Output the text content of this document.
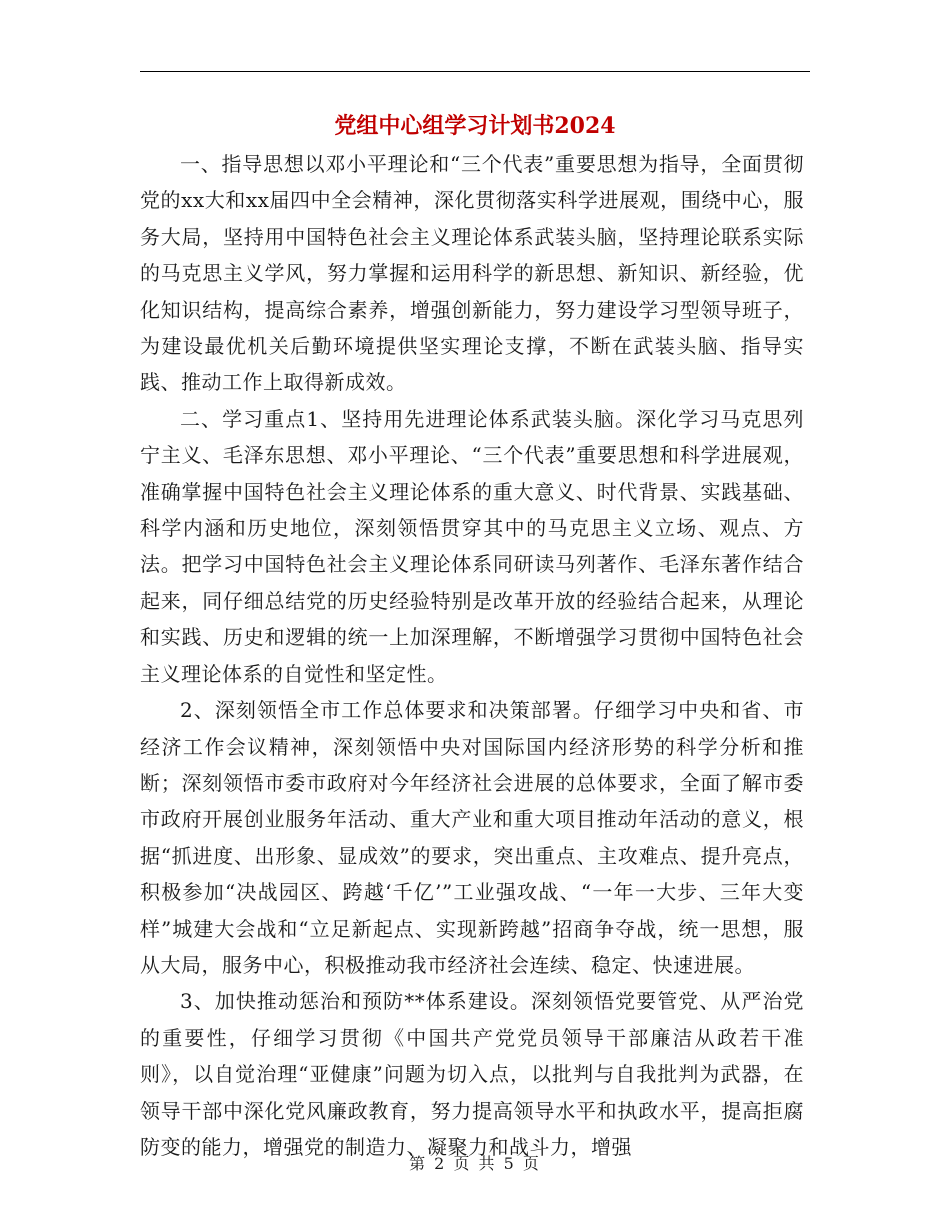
党组中心组学习计划书2024

一、指导思想以邓小平理论和“三个代表”重要思想为指导，全面贯彻党的xx大和xx届四中全会精神，深化贯彻落实科学进展观，围绕中心，服务大局，坚持用中国特色社会主义理论体系武装头脑，坚持理论联系实际的马克思主义学风，努力掌握和运用科学的新思想、新知识、新经验，优化知识结构，提高综合素养，增强创新能力，努力建设学习型领导班子，为建设最优机关后勤环境提供坚实理论支撑，不断在武装头脑、指导实践、推动工作上取得新成效。

二、学习重点1、坚持用先进理论体系武装头脑。深化学习马克思列宁主义、毛泽东思想、邓小平理论、“三个代表”重要思想和科学进展观，准确掌握中国特色社会主义理论体系的重大意义、时代背景、实践基础、科学内涵和历史地位，深刻领悟贯穿其中的马克思主义立场、观点、方法。把学习中国特色社会主义理论体系同研读马列著作、毛泽东著作结合起来，同仔细总结党的历史经验特别是改革开放的经验结合起来，从理论和实践、历史和逻辑的统一上加深理解，不断增强学习贯彻中国特色社会主义理论体系的自觉性和坚定性。

2、深刻领悟全市工作总体要求和决策部署。仔细学习中央和省、市经济工作会议精神，深刻领悟中央对国际国内经济形势的科学分析和推断；深刻领悟市委市政府对今年经济社会进展的总体要求，全面了解市委市政府开展创业服务年活动、重大产业和重大项目推动年活动的意义，根据“抓进度、出形象、显成效”的要求，突出重点、主攻难点、提升亮点，积极参加“决战园区、跨越‘千亿’”工业强攻战、“一年一大步、三年大变样”城建大会战和“立足新起点、实现新跨越”招商争夺战，统一思想，服从大局，服务中心，积极推动我市经济社会连续、稳定、快速进展。

3、加快推动惩治和预防**体系建设。深刻领悟党要管党、从严治党的重要性，仔细学习贯彻《中国共产党党员领导干部廉洁从政若干准则》，以自觉治理“亚健康”问题为切入点，以批判与自我批判为武器，在领导干部中深化党风廉政教育，努力提高领导水平和执政水平，提高拒腐防变的能力，增强党的制造力、凝聚力和战斗力，增强

第 2 页 共 5 页
